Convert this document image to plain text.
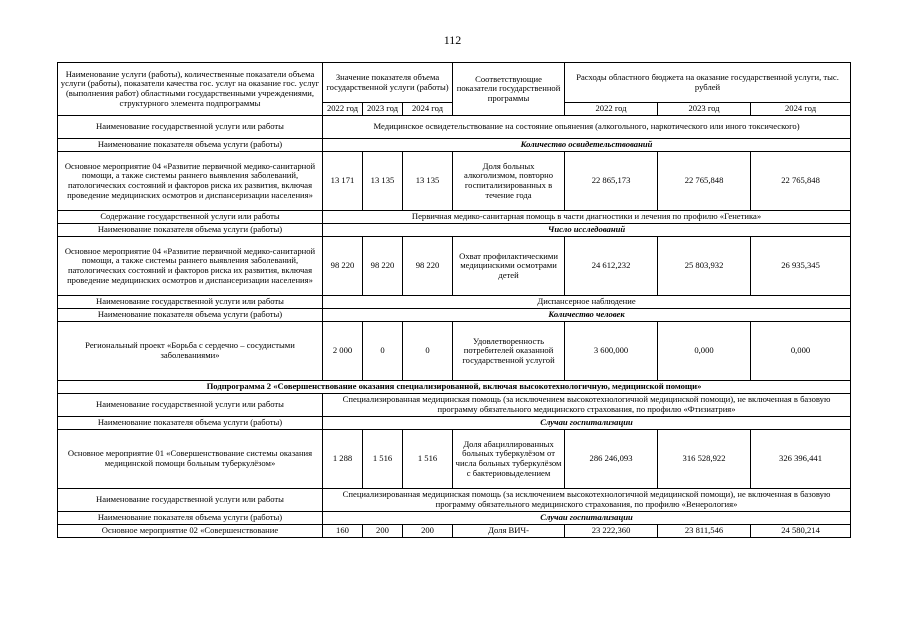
112
Наименование услуги (работы), количественные показатели объема услуги (работы), показатели качества гос. услуг на оказание гос. услуг (выполнения работ) областными государственными учреждениями, структурного элемента подпрограммы	Значение показателя объема государственной услуги (работы)			Соответствующие показатели государственной программы	Расходы областного бюджета на оказание государственной услуги, тыс. рублей		
	2022 год	2023 год	2024 год		2022 год	2023 год	2024 год
Наименование государственной услуги или работы	Медицинское освидетельствование на состояние опьянения (алкогольного, наркотического или иного токсического)						
Наименование показателя объема услуги (работы)	Количество освидетельствований						
Основное мероприятие 04 «Развитие первичной медико-санитарной помощи, а также системы раннего выявления заболеваний, патологических состояний и факторов риска их развития, включая проведение медицинских осмотров и диспансеризации населения»	13 171	13 135	13 135	Доля больных алкоголизмом, повторно госпитализированных в течение года	22 865,173	22 765,848	22 765,848
Содержание государственной услуги или работы	Первичная медико-санитарная помощь в части диагностики и лечения по профилю «Генетика»						
Наименование показателя объема услуги (работы)	Число исследований						
Основное мероприятие 04 «Развитие первичной медико-санитарной помощи, а также системы раннего выявления заболеваний, патологических состояний и факторов риска их развития, включая проведение медицинских осмотров и диспансеризации населения»	98 220	98 220	98 220	Охват профилактическими медицинскими осмотрами детей	24 612,232	25 803,932	26 935,345
Наименование государственной услуги или работы	Диспансерное наблюдение						
Наименование показателя объема услуги (работы)	Количество человек						
Региональный проект «Борьба с сердечно – сосудистыми заболеваниями»	2 000	0	0	Удовлетворенность потребителей оказанной государственной услугой	3 600,000	0,000	0,000
Подпрограмма 2 «Совершенствование оказания специализированной, включая высокотехнологичную, медицинской помощи»							
Наименование государственной услуги или работы	Специализированная медицинская помощь (за исключением высокотехнологичной медицинской помощи), не включенная в базовую программу обязательного медицинского страхования, по профилю «Фтизиатрия»						
Наименование показателя объема услуги (работы)	Случаи госпитализации						
Основное мероприятие 01 «Совершенствование системы оказания медицинской помощи больным туберкулёзом»	1 288	1 516	1 516	Доля абациллированных больных туберкулёзом от числа больных туберкулёзом с бактериовыделением	286 246,093	316 528,922	326 396,441
Наименование государственной услуги или работы	Специализированная медицинская помощь (за исключением высокотехнологичной медицинской помощи), не включенная в базовую программу обязательного медицинского страхования, по профилю «Венерология»						
Наименование показателя объема услуги (работы)	Случаи госпитализации						
Основное мероприятие 02 «Совершенствование	160	200	200	Доля ВИЧ-	23 222,360	23 811,546	24 580,214
